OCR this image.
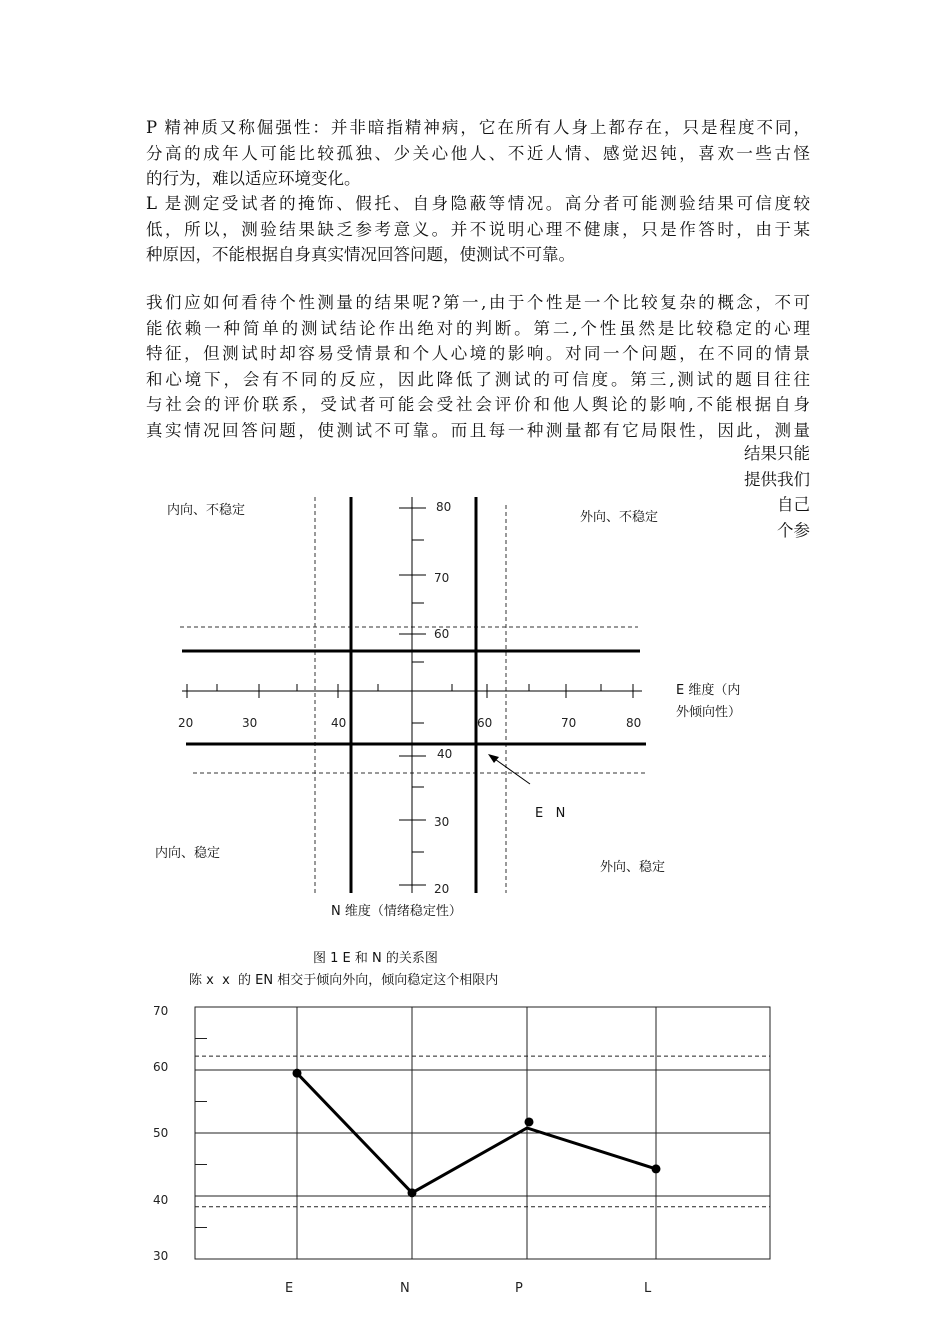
P 精神质又称倔强性：并非暗指精神病，它在所有人身上都存在，只是程度不同，
分高的成年人可能比较孤独、少关心他人、不近人情、感觉迟钝，喜欢一些古怪
的行为，难以适应环境变化。
L 是测定受试者的掩饰、假托、自身隐蔽等情况。高分者可能测验结果可信度较
低，所以，测验结果缺乏参考意义。并不说明心理不健康，只是作答时，由于某
种原因，不能根据自身真实情况回答问题，使测试不可靠。
我们应如何看待个性测量的结果呢?第一,由于个性是一个比较复杂的概念，不可
能依赖一种简单的测试结论作出绝对的判断。第二,个性虽然是比较稳定的心理
特征，但测试时却容易受情景和个人心境的影响。对同一个问题，在不同的情景
和心境下，会有不同的反应，因此降低了测试的可信度。第三,测试的题目往往
与社会的评价联系，受试者可能会受社会评价和他人舆论的影响,不能根据自身
真实情况回答问题，使测试不可靠。而且每一种测量都有它局限性，因此，测量
结果只能
提供我们
自己
个参
20	30	40	60	70	80
80
70
60
40
30
20
内向、不稳定	外向、不稳定
内向、稳定
外向、稳定
E 维度（内
外倾向性）
N 维度（情绪稳定性）
E   N
图 1 E 和 N 的关系图
陈 x  x  的 EN 相交于倾向外向，倾向稳定这个相限内
70
60
50
40
30
E	N	P	L
